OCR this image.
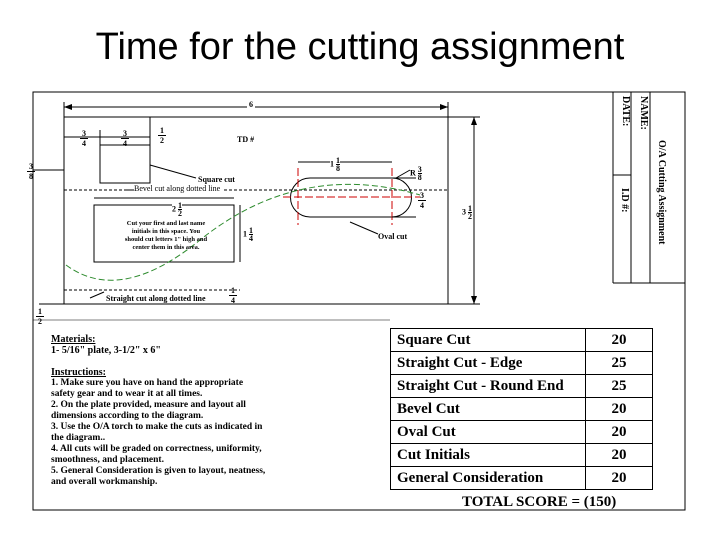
Time for the cutting assignment
6
3
4
3
4
1
2
3
8
TD #
Square cut
Bevel cut along dotted line
$1 \frac{1}{8}$
R $\frac{3}{8}$
3
4
$2 \frac{1}{2}$
$1 \frac{1}{4}$
$3 \frac{1}{2}$
1
4
1
2
Cut your first and last name
initials in this space. You
should cut letters 1" high and
center them in this area.
Oval cut
Straight cut along dotted line
NAME:
DATE:
O/A Cutting Assignment
I.D #:
Materials:
1- 5/16" plate, 3-1/2" x 6"
Instructions:
1. Make sure you have on hand the appropriate
safety gear and to wear it at all times.
2. On the plate provided, measure and layout all
dimensions according to the diagram.
3. Use the O/A torch to make the cuts as indicated in
the diagram..
4. All cuts will be graded on correctness, uniformity,
smoothness, and placement.
5. General Consideration is given to layout, neatness,
and overall workmanship.
Square Cut	20
Straight Cut - Edge	25
Straight Cut - Round End	25
Bevel Cut	20
Oval Cut	20
Cut Initials	20
General Consideration	20
TOTAL SCORE = (150)
